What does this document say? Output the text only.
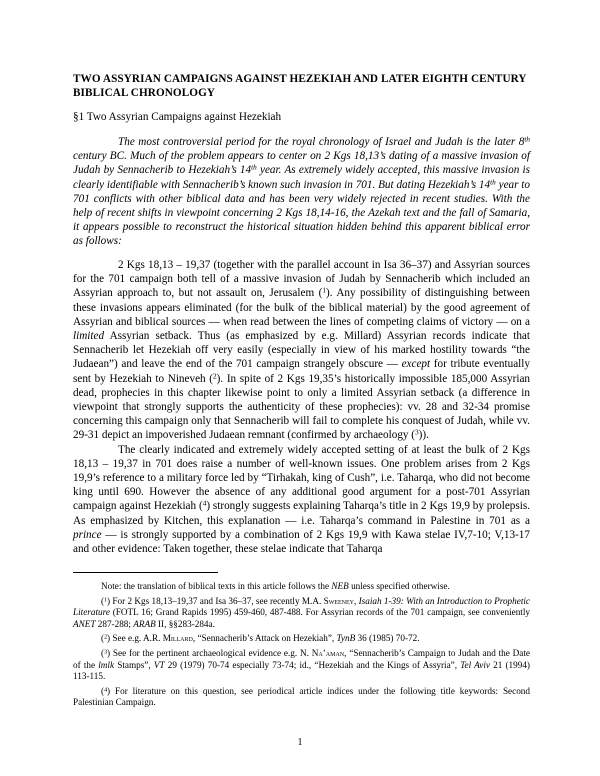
TWO ASSYRIAN CAMPAIGNS AGAINST HEZEKIAH AND LATER EIGHTH CENTURY BIBLICAL CHRONOLOGY
§1 Two Assyrian Campaigns against Hezekiah

The most controversial period for the royal chronology of Israel and Judah is the later 8th century BC. Much of the problem appears to center on 2 Kgs 18,13’s dating of a massive invasion of Judah by Sennacherib to Hezekiah’s 14th year. As extremely widely accepted, this massive invasion is clearly identifiable with Sennacherib’s known such invasion in 701. But dating Hezekiah’s 14th year to 701 conflicts with other biblical data and has been very widely rejected in recent studies. With the help of recent shifts in viewpoint concerning 2 Kgs 18,14-16, the Azekah text and the fall of Samaria, it appears possible to reconstruct the historical situation hidden behind this apparent biblical error as follows:

2 Kgs 18,13 – 19,37 (together with the parallel account in Isa 36–37) and Assyrian sources for the 701 campaign both tell of a massive invasion of Judah by Sennacherib which included an Assyrian approach to, but not assault on, Jerusalem ($^1$). Any possibility of distinguishing between these invasions appears eliminated (for the bulk of the biblical material) by the good agreement of Assyrian and biblical sources — when read between the lines of competing claims of victory — on a limited Assyrian setback. Thus (as emphasized by e.g. Millard) Assyrian records indicate that Sennacherib let Hezekiah off very easily (especially in view of his marked hostility towards “the Judaean”) and leave the end of the 701 campaign strangely obscure — except for tribute eventually sent by Hezekiah to Nineveh ($^2$). In spite of 2 Kgs 19,35’s historically impossible 185,000 Assyrian dead, prophecies in this chapter likewise point to only a limited Assyrian setback (a difference in viewpoint that strongly supports the authenticity of these prophecies): vv. 28 and 32-34 promise concerning this campaign only that Sennacherib will fail to complete his conquest of Judah, while vv. 29-31 depict an impoverished Judaean remnant (confirmed by archaeology ($^3$)).

The clearly indicated and extremely widely accepted setting of at least the bulk of 2 Kgs 18,13 – 19,37 in 701 does raise a number of well-known issues. One problem arises from 2 Kgs 19,9’s reference to a military force led by “Tirhakah, king of Cush”, i.e. Taharqa, who did not become king until 690. However the absence of any additional good argument for a post-701 Assyrian campaign against Hezekiah ($^4$) strongly suggests explaining Taharqa’s title in 2 Kgs 19,9 by prolepsis. As emphasized by Kitchen, this explanation — i.e. Taharqa’s command in Palestine in 701 as a prince — is strongly supported by a combination of 2 Kgs 19,9 with Kawa stelae IV,7-10; V,13-17 and other evidence: Taken together, these stelae indicate that Taharqa

Note: the translation of biblical texts in this article follows the NEB unless specified otherwise.

($^1$) For 2 Kgs 18,13–19,37 and Isa 36–37, see recently M.A. Sweeney, Isaiah 1-39: With an Introduction to Prophetic Literature (FOTL 16; Grand Rapids 1995) 459-460, 487-488. For Assyrian records of the 701 campaign, see conveniently ANET 287-288; ARAB II, §§283-284a.

($^2$) See e.g. A.R. Millard, “Sennacherib’s Attack on Hezekiah”, TynB 36 (1985) 70-72.

($^3$) See for the pertinent archaeological evidence e.g. N. Na’aman, “Sennacherib’s Campaign to Judah and the Date of the lmlk Stamps”, VT 29 (1979) 70-74 especially 73-74; id., “Hezekiah and the Kings of Assyria”, Tel Aviv 21 (1994) 113-115.

($^4$) For literature on this question, see periodical article indices under the following title keywords: Second Palestinian Campaign.

1
